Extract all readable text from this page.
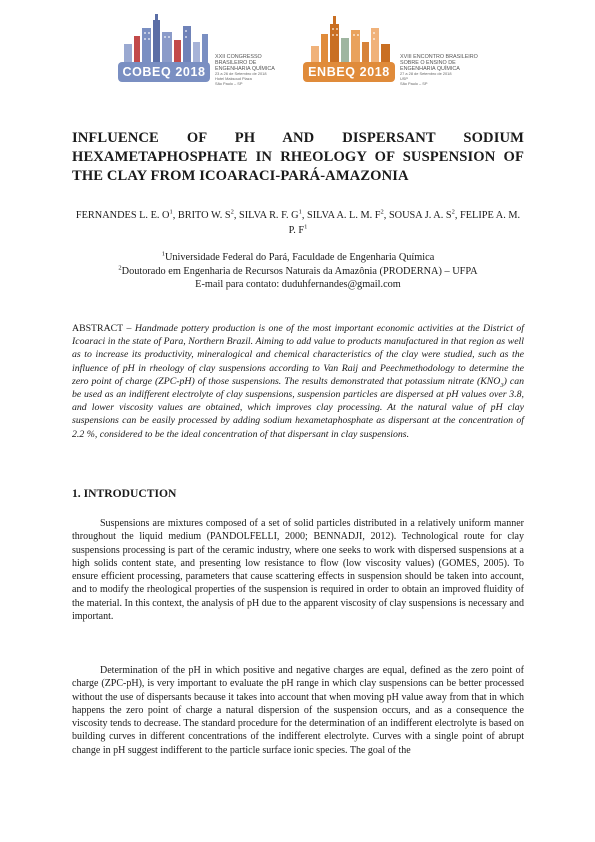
COBEQ 2018
XXII CONGRESSO
BRASILEIRO DE
ENGENHARIA QUÍMICA
23 a 26 de Setembro de 2018
Hotel Maksoud Plaza
São Paulo – SP
ENBEQ 2018
XVIII ENCONTRO BRASILEIRO
SOBRE O ENSINO DE
ENGENHARIA QUÍMICA
27 a 28 de Setembro de 2018
USP
São Paulo – SP
INFLUENCE OF PH AND DISPERSANT SODIUM HEXAMETAPHOSPHATE IN RHEOLOGY OF SUSPENSION OF THE CLAY FROM ICOARACI-PARÁ-AMAZONIA

FERNANDES L. E. $O^1$, BRITO W. $S^2$, SILVA R. F. $G^1$, SILVA A. L. M. $F^2$, SOUSA J. A. $S^2$, FELIPE A. M. P. $F^1$

$^1$Universidade Federal do Pará, Faculdade de Engenharia Química
$^2$Doutorado em Engenharia de Recursos Naturais da Amazônia (PRODERNA) – UFPA
E-mail para contato: duduhfernandes@gmail.com

ABSTRACT – Handmade pottery production is one of the most important economic activities at the District of Icoaraci in the state of Para, Northern Brazil. Aiming to add value to products manufactured in that region as well as to increase its productivity, mineralogical and chemical characteristics of the clay were studied, such as the influence of pH in rheology of clay suspensions according to Van Raij and Peechmethodology to determine the zero point of charge (ZPC-pH) of those suspensions. The results demonstrated that potassium nitrate $(KNO_3)$ can be used as an indifferent electrolyte of clay suspensions, suspension particles are dispersed at pH values over 3.8, and lower viscosity values are obtained, which improves clay processing. At the natural value of pH clay suspensions can be easily processed by adding sodium hexametaphosphate as dispersant at the concentration of 2.2 %, considered to be the ideal concentration of that dispersant in clay suspensions.

1. INTRODUCTION

Suspensions are mixtures composed of a set of solid particles distributed in a relatively uniform manner throughout the liquid medium (PANDOLFELLI, 2000; BENNADJI, 2012). Technological route for clay suspensions processing is part of the ceramic industry, where one seeks to work with dispersed suspensions at a high solids content state, and presenting low resistance to flow (low viscosity values) (GOMES, 2005). To ensure efficient processing, parameters that cause scattering effects in suspension should be taken into account, and to modify the rheological properties of the suspension is required in order to obtain an improved fluidity of the material. In this context, the analysis of pH due to the apparent viscosity of clay suspensions is necessary and important.

Determination of the pH in which positive and negative charges are equal, defined as the zero point of charge (ZPC-pH), is very important to evaluate the pH range in which clay suspensions can be better processed without the use of dispersants because it takes into account that when moving pH value away from that in which happens the zero point of charge a natural dispersion of the suspension occurs, and as a consequence the viscosity tends to decrease. The standard procedure for the determination of an indifferent electrolyte is based on building curves in different concentrations of the indifferent electrolyte. Curves with a single point of abrupt change in pH suggest indifferent to the particle surface ionic species. The goal of the
